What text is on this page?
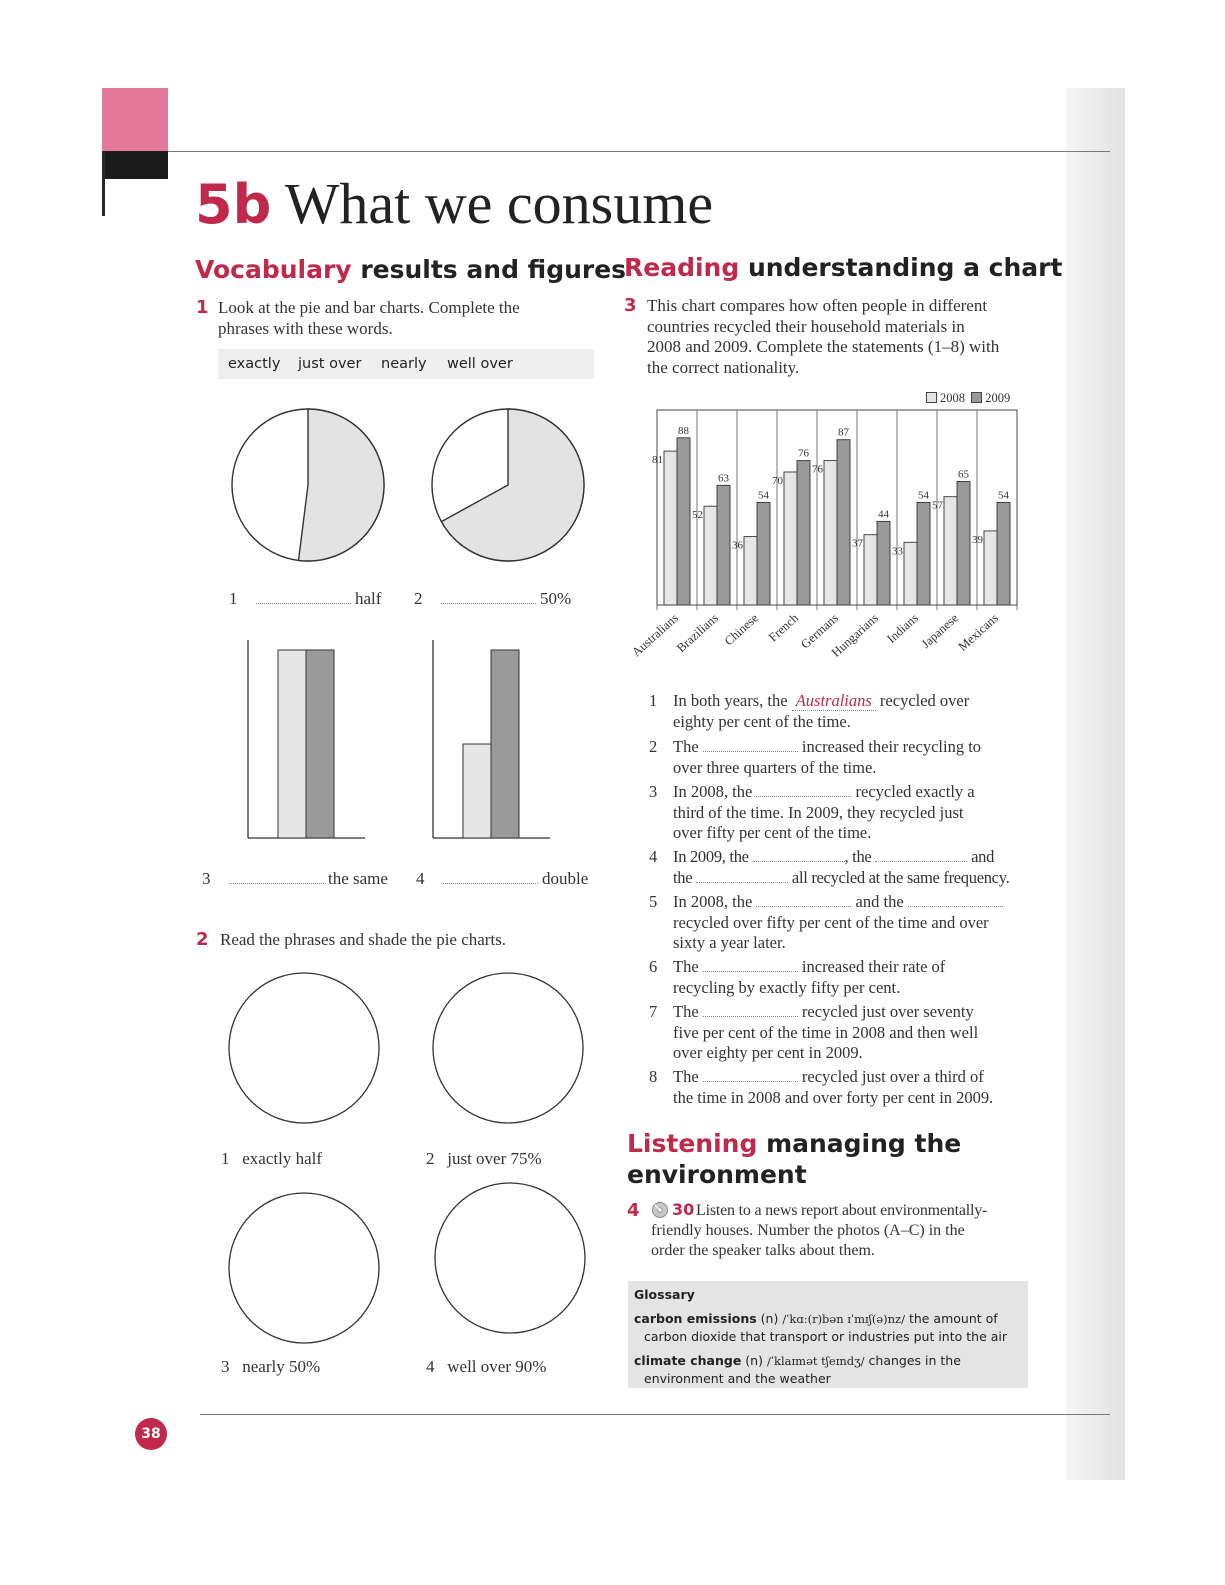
5b What we consume
Vocabulary results and figures
1 Look at the pie and bar charts. Complete the
phrases with these words.
exactly just over nearly well over
1	half 2	50%
3	the same 4	double
2 Read the phrases and shade the pie charts.
1 exactly half	2 just over 75%
3 nearly 50%	4 well over 90%
Reading understanding a chart
3 This chart compares how often people in different
countries recycled their household materials in
2008 and 2009. Complete the statements (1–8) with
the correct nationality.
2008 2009
81
88
Australians
52
63
Brazilians
36
54
Chinese
70
76
French
76
87
Germans
37
44
Hungarians
33
54
Indians
57
65
Japanese
39
54
Mexicans
1 In both years, the Australians recycled over
eighty per cent of the time.
2 The	increased their recycling to
over three quarters of the time.
3 In 2008, the	recycled exactly a
third of the time. In 2009, they recycled just
over fifty per cent of the time.
4 In 2009, the	, the	and
the	all recycled at the same frequency.
5 In 2008, the	and the
recycled over fifty per cent of the time and over
sixty a year later.
6 The	increased their rate of
recycling by exactly fifty per cent.
7 The	recycled just over seventy
five per cent of the time in 2008 and then well
over eighty per cent in 2009.
8 The	recycled just over a third of
the time in 2008 and over forty per cent in 2009.
Listening managing the
environment
4 30 Listen to a news report about environmentally-
friendly houses. Number the photos (A–C) in the
order the speaker talks about them.
Glossary
carbon emissions (n) /ˈkɑː(r)bən ɪˈmɪʃ(ə)nz/ the amount of
carbon dioxide that transport or industries put into the air
climate change (n) /ˈklaɪmət tʃeɪndʒ/ changes in the
environment and the weather
38
